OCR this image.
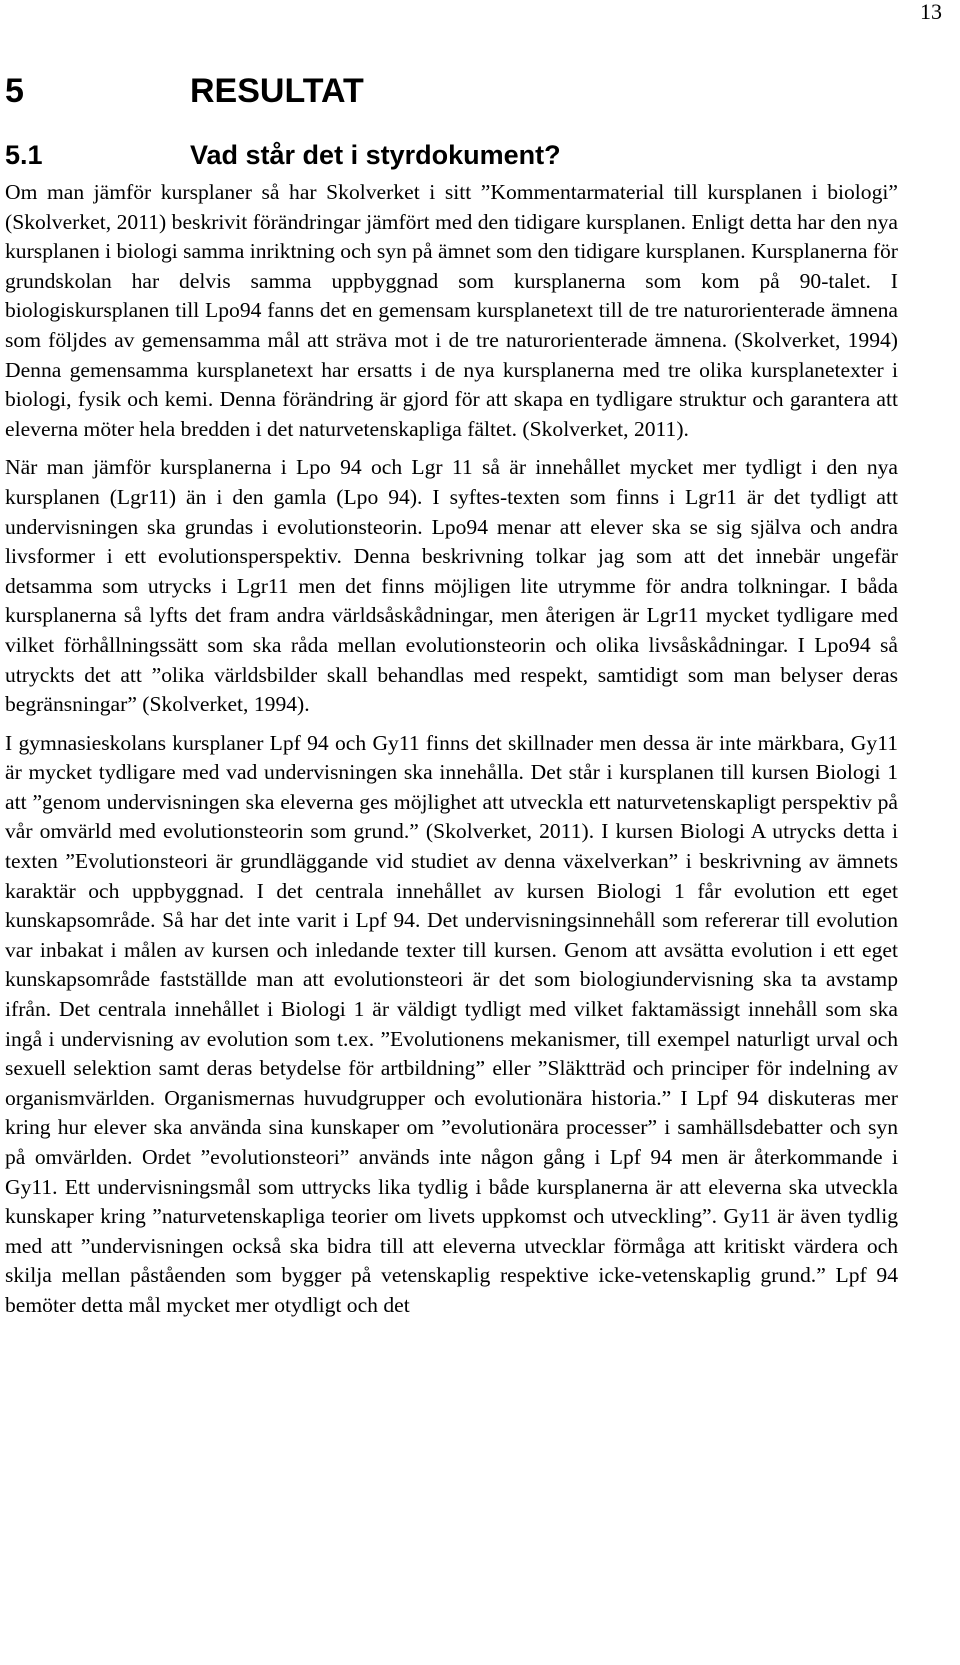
13
5	RESULTAT
5.1	Vad står det i styrdokument?

Om man jämför kursplaner så har Skolverket i sitt ”Kommentarmaterial till kursplanen i biologi” (Skolverket, 2011) beskrivit förändringar jämfört med den tidigare kursplanen. Enligt detta har den nya kursplanen i biologi samma inriktning och syn på ämnet som den tidigare kursplanen. Kursplanerna för grundskolan har delvis samma uppbyggnad som kursplanerna som kom på 90-talet. I biologiskursplanen till Lpo94 fanns det en gemensam kursplanetext till de tre naturorienterade ämnena som följdes av gemensamma mål att sträva mot i de tre naturorienterade ämnena. (Skolverket, 1994) Denna gemensamma kursplanetext har ersatts i de nya kursplanerna med tre olika kursplanetexter i biologi, fysik och kemi. Denna förändring är gjord för att skapa en tydligare struktur och garantera att eleverna möter hela bredden i det naturvetenskapliga fältet. (Skolverket, 2011).

När man jämför kursplanerna i Lpo 94 och Lgr 11 så är innehållet mycket mer tydligt i den nya kursplanen (Lgr11) än i den gamla (Lpo 94). I syftes-texten som finns i Lgr11 är det tydligt att undervisningen ska grundas i evolutionsteorin. Lpo94 menar att elever ska se sig själva och andra livsformer i ett evolutionsperspektiv. Denna beskrivning tolkar jag som att det innebär ungefär detsamma som utrycks i Lgr11 men det finns möjligen lite utrymme för andra tolkningar. I båda kursplanerna så lyfts det fram andra världsåskådningar, men återigen är Lgr11 mycket tydligare med vilket förhållningssätt som ska råda mellan evolutionsteorin och olika livsåskådningar. I Lpo94 så utryckts det att ”olika världsbilder skall behandlas med respekt, samtidigt som man belyser deras begränsningar” (Skolverket, 1994).

I gymnasieskolans kursplaner Lpf 94 och Gy11 finns det skillnader men dessa är inte märkbara, Gy11 är mycket tydligare med vad undervisningen ska innehålla. Det står i kursplanen till kursen Biologi 1 att ”genom undervisningen ska eleverna ges möjlighet att utveckla ett naturvetenskapligt perspektiv på vår omvärld med evolutionsteorin som grund.” (Skolverket, 2011). I kursen Biologi A utrycks detta i texten ”Evolutionsteori är grundläggande vid studiet av denna växelverkan” i beskrivning av ämnets karaktär och uppbyggnad. I det centrala innehållet av kursen Biologi 1 får evolution ett eget kunskapsområde. Så har det inte varit i Lpf 94. Det undervisningsinnehåll som refererar till evolution var inbakat i målen av kursen och inledande texter till kursen. Genom att avsätta evolution i ett eget kunskapsområde fastställde man att evolutionsteori är det som biologiundervisning ska ta avstamp ifrån. Det centrala innehållet i Biologi 1 är väldigt tydligt med vilket faktamässigt innehåll som ska ingå i undervisning av evolution som t.ex. ”Evolutionens mekanismer, till exempel naturligt urval och sexuell selektion samt deras betydelse för artbildning” eller ”Släktträd och principer för indelning av organismvärlden. Organismernas huvudgrupper och evolutionära historia.” I Lpf 94 diskuteras mer kring hur elever ska använda sina kunskaper om ”evolutionära processer” i samhällsdebatter och syn på omvärlden. Ordet ”evolutionsteori” används inte någon gång i Lpf 94 men är återkommande i Gy11. Ett undervisningsmål som uttrycks lika tydlig i både kursplanerna är att eleverna ska utveckla kunskaper kring ”naturvetenskapliga teorier om livets uppkomst och utveckling”. Gy11 är även tydlig med att ”undervisningen också ska bidra till att eleverna utvecklar förmåga att kritiskt värdera och skilja mellan påståenden som bygger på vetenskaplig respektive icke-vetenskaplig grund.” Lpf 94 bemöter detta mål mycket mer otydligt och det
